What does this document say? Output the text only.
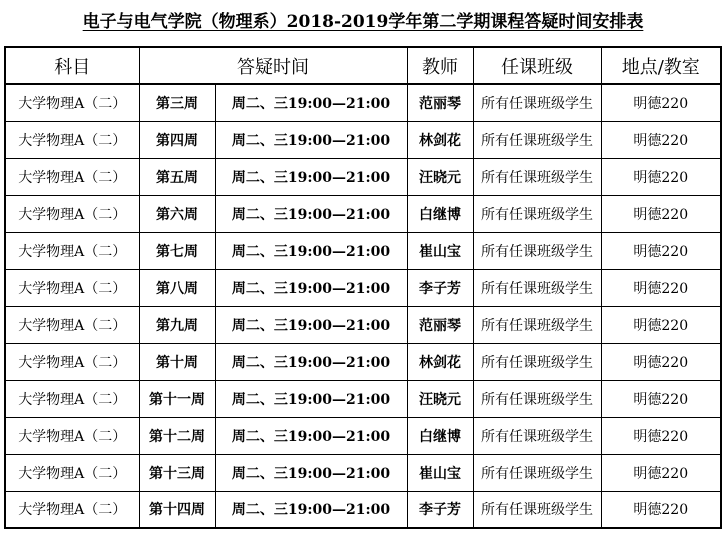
电子与电气学院（物理系）2018-2019学年第二学期课程答疑时间安排表
科目	答疑时间		教师	任课班级	地点/教室
大学物理A（二）	第三周	周二、三19:00—21:00	范丽琴	所有任课班级学生	明德220
大学物理A（二）	第四周	周二、三19:00—21:00	林剑花	所有任课班级学生	明德220
大学物理A（二）	第五周	周二、三19:00—21:00	汪晓元	所有任课班级学生	明德220
大学物理A（二）	第六周	周二、三19:00—21:00	白继博	所有任课班级学生	明德220
大学物理A（二）	第七周	周二、三19:00—21:00	崔山宝	所有任课班级学生	明德220
大学物理A（二）	第八周	周二、三19:00—21:00	李子芳	所有任课班级学生	明德220
大学物理A（二）	第九周	周二、三19:00—21:00	范丽琴	所有任课班级学生	明德220
大学物理A（二）	第十周	周二、三19:00—21:00	林剑花	所有任课班级学生	明德220
大学物理A（二）	第十一周	周二、三19:00—21:00	汪晓元	所有任课班级学生	明德220
大学物理A（二）	第十二周	周二、三19:00—21:00	白继博	所有任课班级学生	明德220
大学物理A（二）	第十三周	周二、三19:00—21:00	崔山宝	所有任课班级学生	明德220
大学物理A（二）	第十四周	周二、三19:00—21:00	李子芳	所有任课班级学生	明德220
